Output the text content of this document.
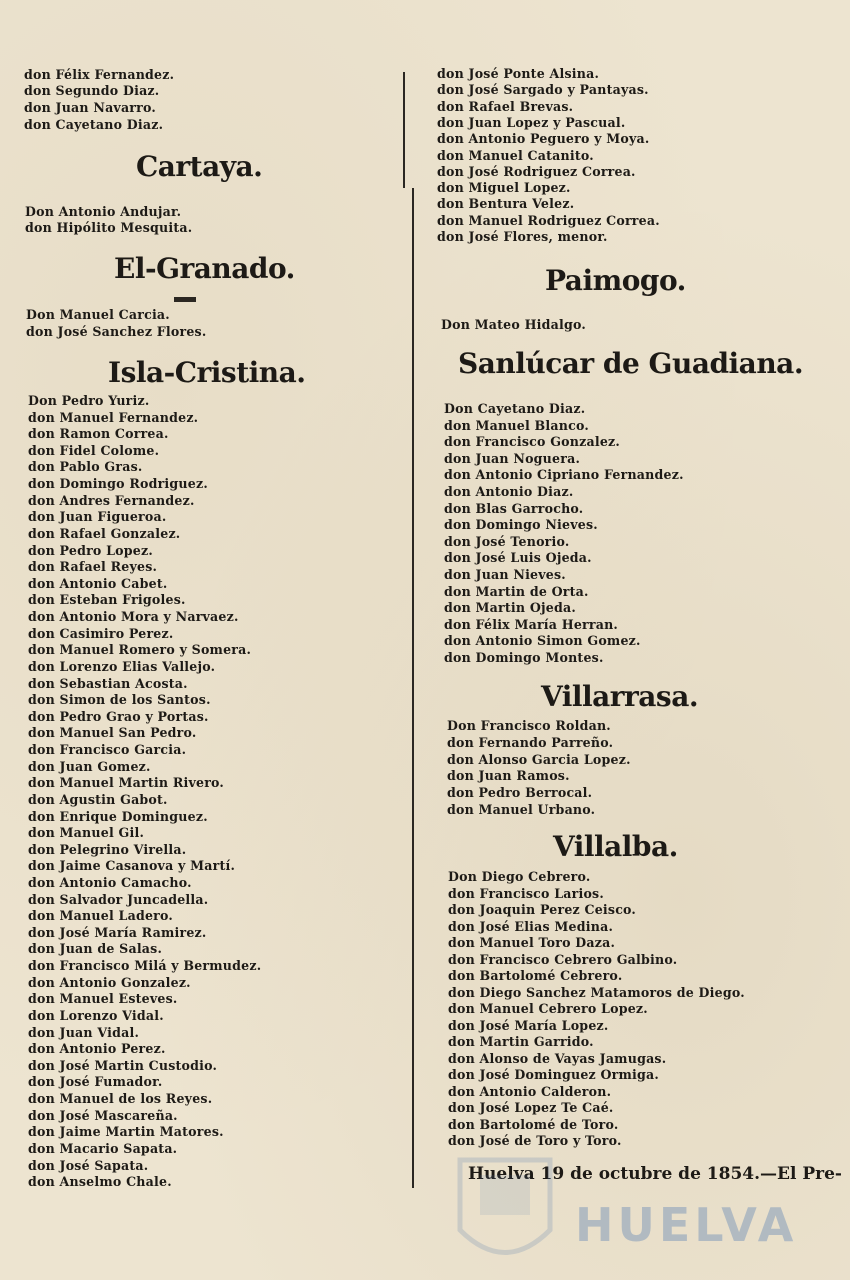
don Félix Fernandez.
don Segundo Diaz.
don Juan Navarro.
don Cayetano Diaz.
Cartaya.
Don Antonio Andujar.
don Hipólito Mesquita.
El-Granado.
Don Manuel Carcia.
don José Sanchez Flores.
Isla-Cristina.
Don Pedro Yuriz.
don Manuel Fernandez.
don Ramon Correa.
don Fidel Colome.
don Pablo Gras.
don Domingo Rodriguez.
don Andres Fernandez.
don Juan Figueroa.
don Rafael Gonzalez.
don Pedro Lopez.
don Rafael Reyes.
don Antonio Cabet.
don Esteban Frigoles.
don Antonio Mora y Narvaez.
don Casimiro Perez.
don Manuel Romero y Somera.
don Lorenzo Elias Vallejo.
don Sebastian Acosta.
don Simon de los Santos.
don Pedro Grao y Portas.
don Manuel San Pedro.
don Francisco Garcia.
don Juan Gomez.
don Manuel Martin Rivero.
don Agustin Gabot.
don Enrique Dominguez.
don Manuel Gil.
don Pelegrino Virella.
don Jaime Casanova y Martí.
don Antonio Camacho.
don Salvador Juncadella.
don Manuel Ladero.
don José María Ramirez.
don Juan de Salas.
don Francisco Milá y Bermudez.
don Antonio Gonzalez.
don Manuel Esteves.
don Lorenzo Vidal.
don Juan Vidal.
don Antonio Perez.
don José Martin Custodio.
don José Fumador.
don Manuel de los Reyes.
don José Mascareña.
don Jaime Martin Matores.
don Macario Sapata.
don José Sapata.
don Anselmo Chale.
don José Ponte Alsina.
don José Sargado y Pantayas.
don Rafael Brevas.
don Juan Lopez y Pascual.
don Antonio Peguero y Moya.
don Manuel Catanito.
don José Rodriguez Correa.
don Miguel Lopez.
don Bentura Velez.
don Manuel Rodriguez Correa.
don José Flores, menor.
Paimogo.
Don Mateo Hidalgo.
Sanlúcar de Guadiana.
Don Cayetano Diaz.
don Manuel Blanco.
don Francisco Gonzalez.
don Juan Noguera.
don Antonio Cipriano Fernandez.
don Antonio Diaz.
don Blas Garrocho.
don Domingo Nieves.
don José Tenorio.
don José Luis Ojeda.
don Juan Nieves.
don Martin de Orta.
don Martin Ojeda.
don Félix María Herran.
don Antonio Simon Gomez.
don Domingo Montes.
Villarrasa.
Don Francisco Roldan.
don Fernando Parreño.
don Alonso Garcia Lopez.
don Juan Ramos.
don Pedro Berrocal.
don Manuel Urbano.
Villalba.
Don Diego Cebrero.
don Francisco Larios.
don Joaquin Perez Ceisco.
don José Elias Medina.
don Manuel Toro Daza.
don Francisco Cebrero Galbino.
don Bartolomé Cebrero.
don Diego Sanchez Matamoros de Diego.
don Manuel Cebrero Lopez.
don José María Lopez.
don Martin Garrido.
don Alonso de Vayas Jamugas.
don José Dominguez Ormiga.
don Antonio Calderon.
don José Lopez Te Caé.
don Bartolomé de Toro.
don José de Toro y Toro.
Huelva 19 de octubre de 1854.—El Pre-
HUELVA
